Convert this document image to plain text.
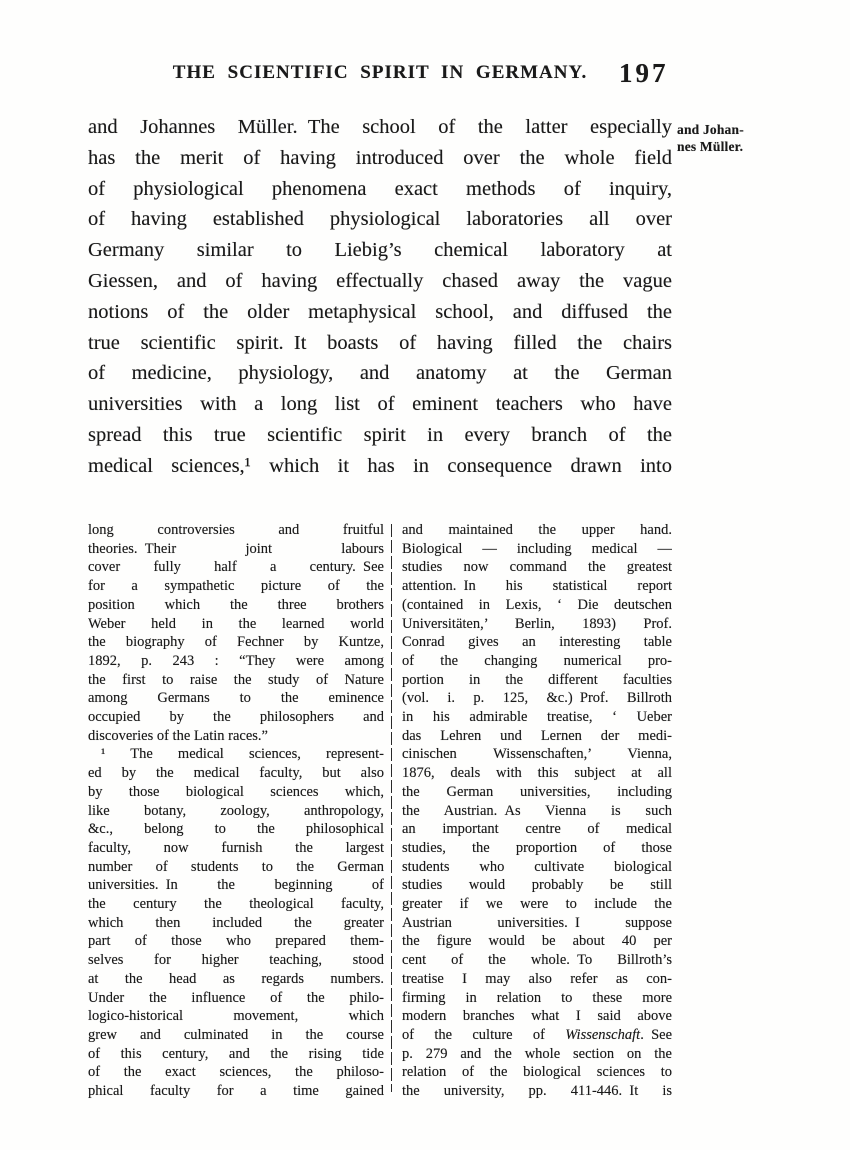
THE SCIENTIFIC SPIRIT IN GERMANY.	197
and Johannes Müller. The school of the latter especially
has the merit of having introduced over the whole field
of physiological phenomena exact methods of inquiry,
of having established physiological laboratories all over
Germany similar to Liebig’s chemical laboratory at
Giessen, and of having effectually chased away the vague
notions of the older metaphysical school, and diffused the
true scientific spirit. It boasts of having filled the chairs
of medicine, physiology, and anatomy at the German
universities with a long list of eminent teachers who have
spread this true scientific spirit in every branch of the
medical sciences,¹ which it has in consequence drawn into
and Johan-
nes Müller.
long controversies and fruitful
theories. Their joint labours
cover fully half a century. See
for a sympathetic picture of the
position which the three brothers
Weber held in the learned world
the biography of Fechner by Kuntze,
1892, p. 243 : “They were among
the first to raise the study of Nature
among Germans to the eminence
occupied by the philosophers and
discoveries of the Latin races.”
¹ The medical sciences, represent-
ed by the medical faculty, but also
by those biological sciences which,
like botany, zoology, anthropology,
&c., belong to the philosophical
faculty, now furnish the largest
number of students to the German
universities. In the beginning of
the century the theological faculty,
which then included the greater
part of those who prepared them-
selves for higher teaching, stood
at the head as regards numbers.
Under the influence of the philo-
logico-historical movement, which
grew and culminated in the course
of this century, and the rising tide
of the exact sciences, the philoso-
phical faculty for a time gained
and maintained the upper hand.
Biological — including medical —
studies now command the greatest
attention. In his statistical report
(contained in Lexis, ‘ Die deutschen
Universitäten,’ Berlin, 1893) Prof.
Conrad gives an interesting table
of the changing numerical pro-
portion in the different faculties
(vol. i. p. 125, &c.) Prof. Billroth
in his admirable treatise, ‘ Ueber
das Lehren und Lernen der medi-
cinischen Wissenschaften,’ Vienna,
1876, deals with this subject at all
the German universities, including
the Austrian. As Vienna is such
an important centre of medical
studies, the proportion of those
students who cultivate biological
studies would probably be still
greater if we were to include the
Austrian universities. I suppose
the figure would be about 40 per
cent of the whole. To Billroth’s
treatise I may also refer as con-
firming in relation to these more
modern branches what I said above
of the culture of Wissenschaft. See
p. 279 and the whole section on the
relation of the biological sciences to
the university, pp. 411-446. It is
